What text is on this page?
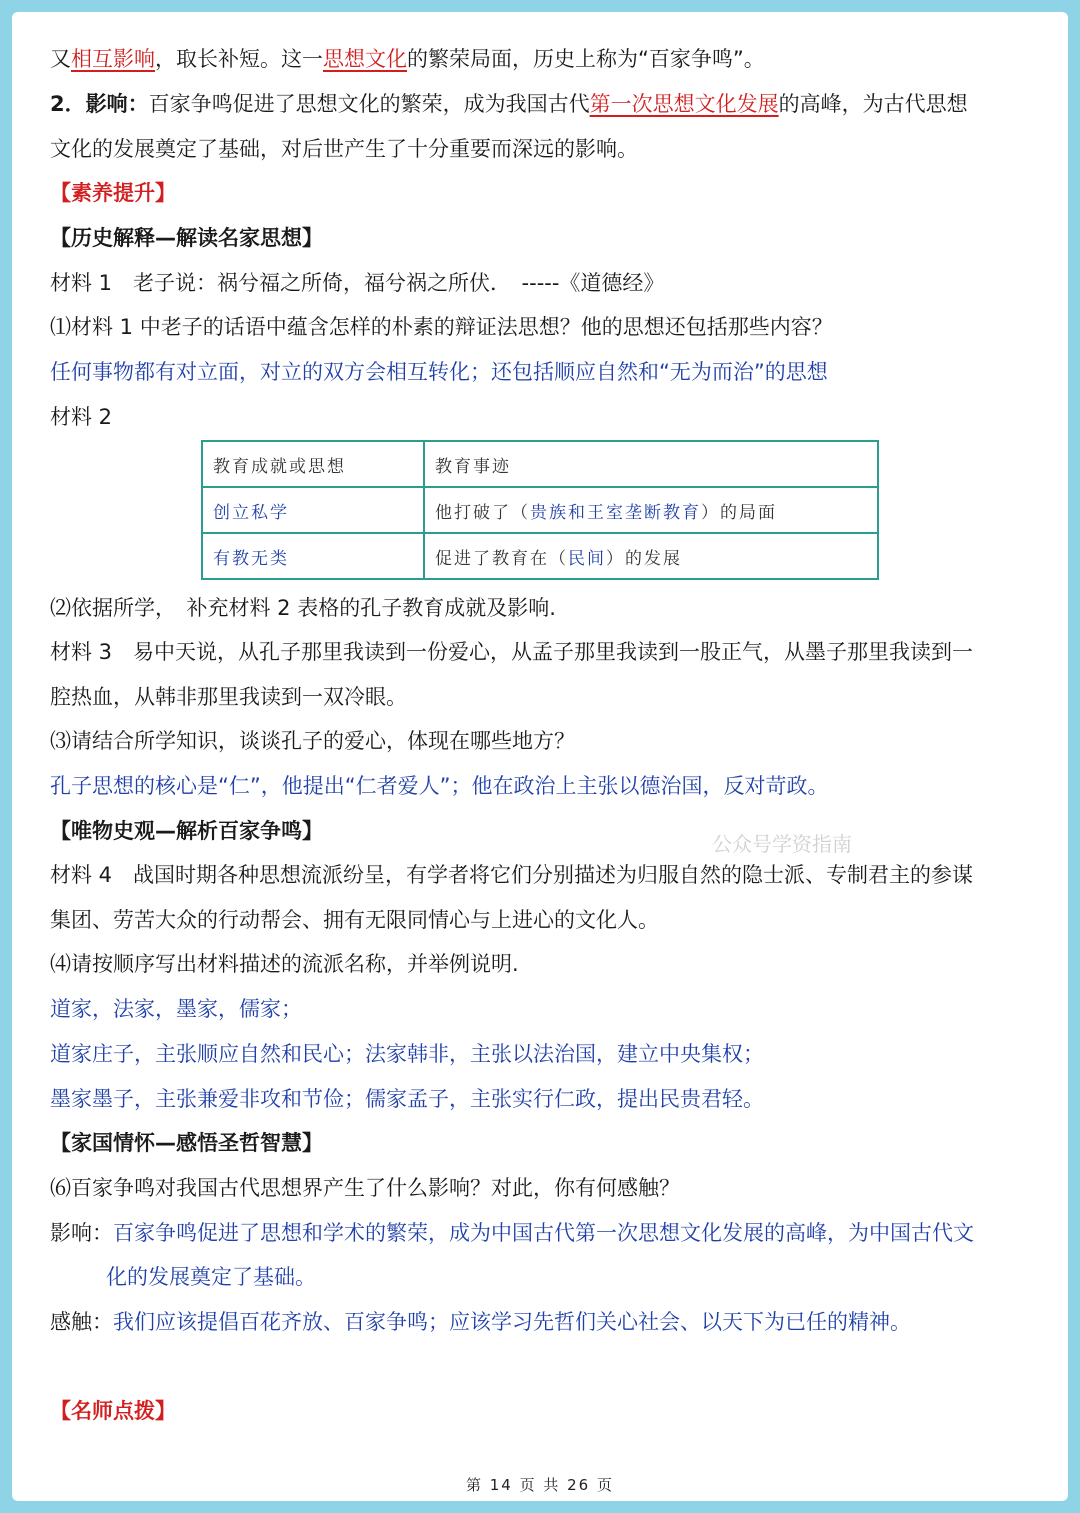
又相互影响，取长补短。这一思想文化的繁荣局面，历史上称为“百家争鸣”。
2．影响：百家争鸣促进了思想文化的繁荣，成为我国古代第一次思想文化发展的高峰，为古代思想
文化的发展奠定了基础，对后世产生了十分重要而深远的影响。
【素养提升】
【历史解释—解读名家思想】
材料 1　老子说：祸兮福之所倚，福兮祸之所伏．　-----《道德经》
⑴材料 1 中老子的话语中蕴含怎样的朴素的辩证法思想？他的思想还包括那些内容？
任何事物都有对立面，对立的双方会相互转化；还包括顺应自然和“无为而治”的思想
材料 2
教育成就或思想	教育事迹
创立私学	他打破了（贵族和王室垄断教育）的局面
有教无类	促进了教育在（民间）的发展
⑵依据所学，　补充材料 2 表格的孔子教育成就及影响.
材料 3　易中天说，从孔子那里我读到一份爱心，从孟子那里我读到一股正气，从墨子那里我读到一
腔热血，从韩非那里我读到一双冷眼。
⑶请结合所学知识，谈谈孔子的爱心，体现在哪些地方？
孔子思想的核心是“仁”，他提出“仁者爱人”；他在政治上主张以德治国，反对苛政。
【唯物史观—解析百家争鸣】
公众号学资指南
材料 4　战国时期各种思想流派纷呈，有学者将它们分别描述为归服自然的隐士派、专制君主的参谋
集团、劳苦大众的行动帮会、拥有无限同情心与上进心的文化人。
⑷请按顺序写出材料描述的流派名称，并举例说明.
道家，法家，墨家，儒家；
道家庄子，主张顺应自然和民心；法家韩非，主张以法治国，建立中央集权；
墨家墨子，主张兼爱非攻和节俭；儒家孟子，主张实行仁政，提出民贵君轻。
【家国情怀—感悟圣哲智慧】
⑹百家争鸣对我国古代思想界产生了什么影响？对此，你有何感触？
影响：百家争鸣促进了思想和学术的繁荣，成为中国古代第一次思想文化发展的高峰，为中国古代文
化的发展奠定了基础。
感触：我们应该提倡百花齐放、百家争鸣；应该学习先哲们关心社会、以天下为已任的精神。
【名师点拨】
第 14 页 共 26 页
